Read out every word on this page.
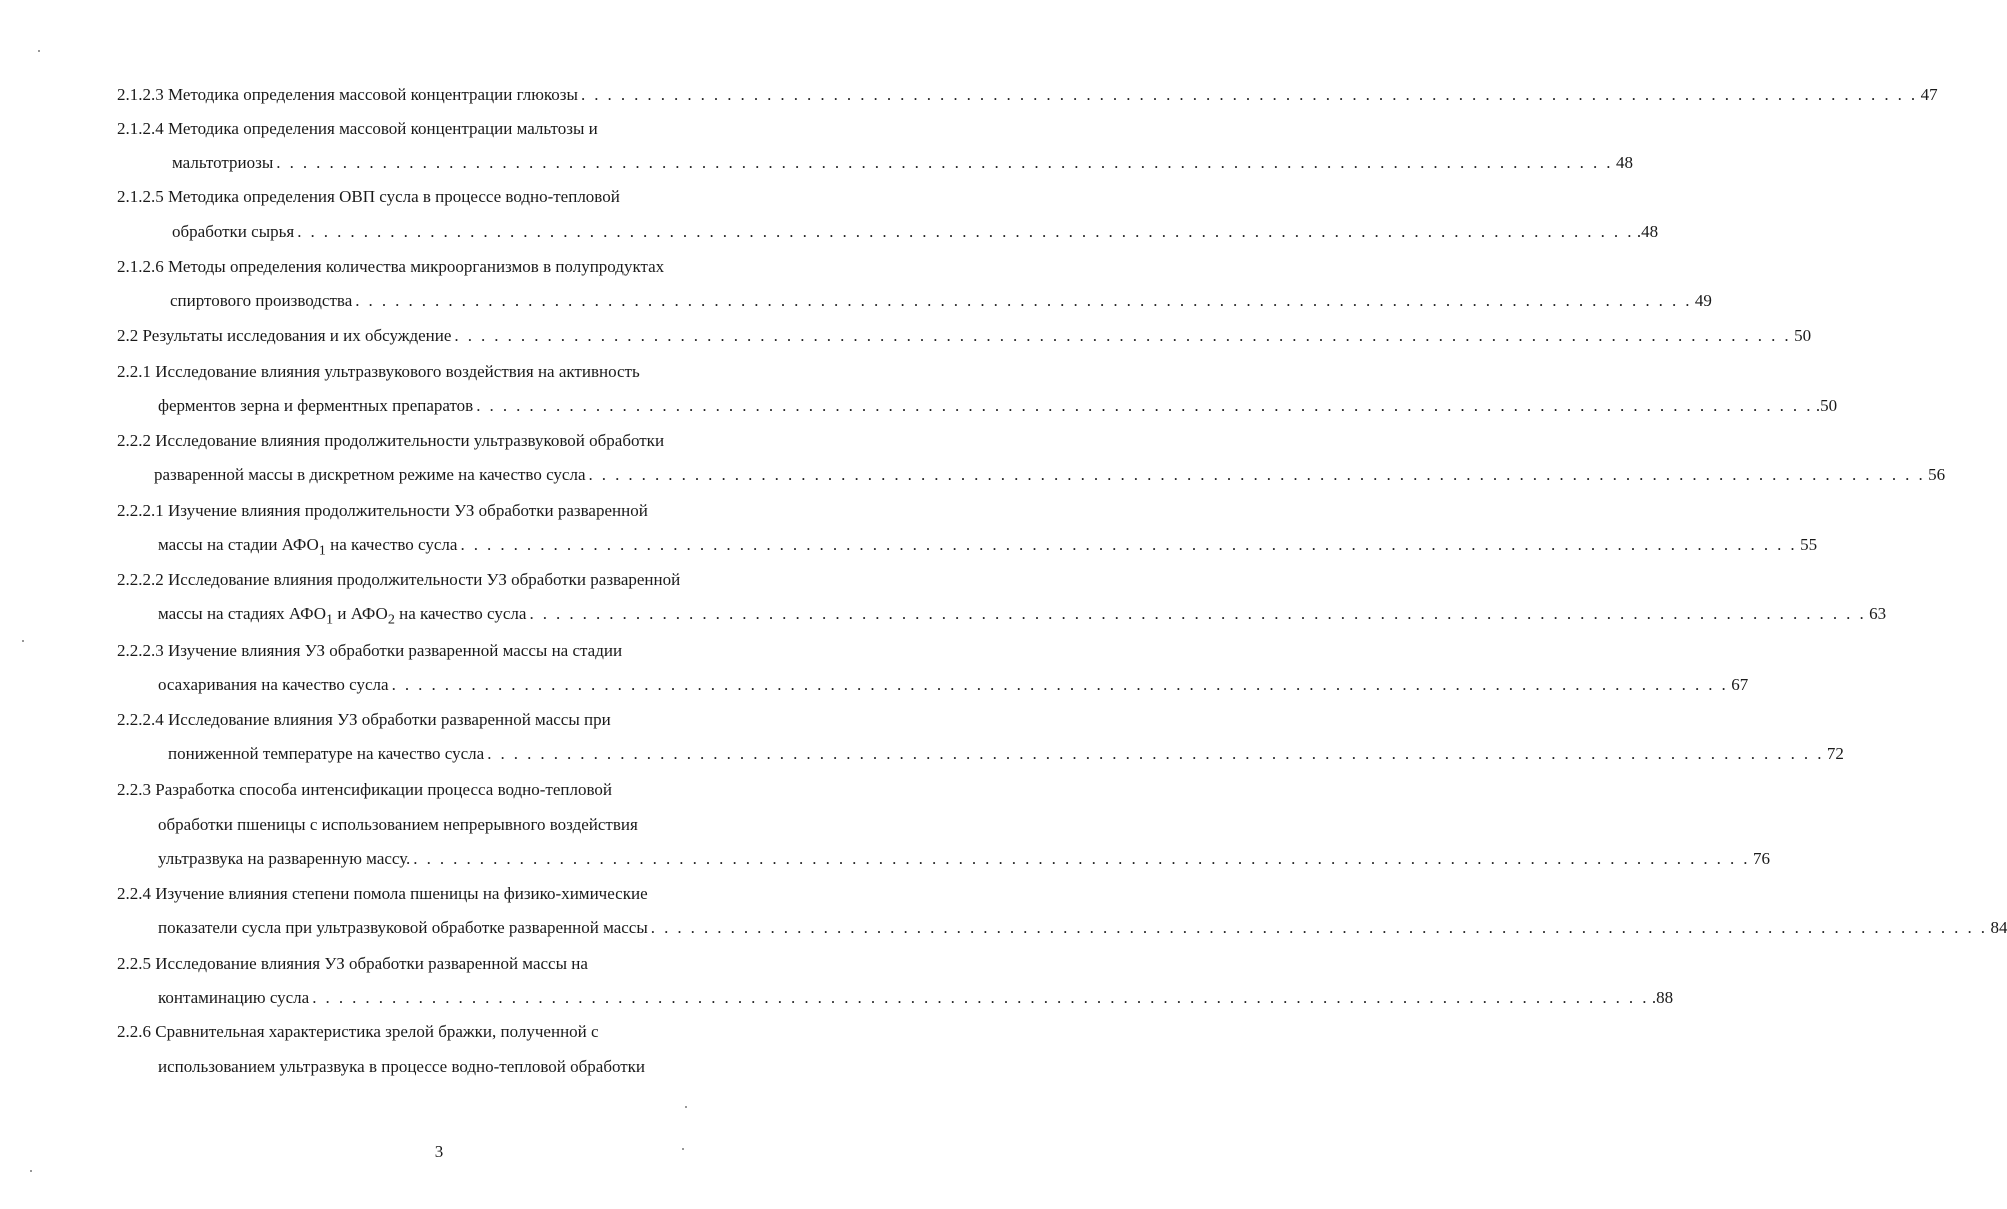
2.1.2.3 Методика определения массовой концентрации глюкозы . . . . . . . . . . . . . . . . . . . . . . . . . . . . . . . . . . . . . . . . . . . . . . . . . . . . . . . . . . . . . . . . . . . . . . . . . . . . . . . . . . . . . . . . . . . . . . . . . . . . . 47
2.1.2.4 Методика определения массовой концентрации мальтозы и
мальтотриозы . . . . . . . . . . . . . . . . . . . . . . . . . . . . . . . . . . . . . . . . . . . . . . . . . . . . . . . . . . . . . . . . . . . . . . . . . . . . . . . . . . . . . . . . . . . . . . . . . . . . . 48
2.1.2.5 Методика определения ОВП сусла в процессе водно-тепловой
обработки сырья . . . . . . . . . . . . . . . . . . . . . . . . . . . . . . . . . . . . . . . . . . . . . . . . . . . . . . . . . . . . . . . . . . . . . . . . . . . . . . . . . . . . . . . . . . . . . . . . . . . . . .48
2.1.2.6 Методы определения количества микроорганизмов в полупродуктах
спиртового производства . . . . . . . . . . . . . . . . . . . . . . . . . . . . . . . . . . . . . . . . . . . . . . . . . . . . . . . . . . . . . . . . . . . . . . . . . . . . . . . . . . . . . . . . . . . . . . . . . . . . . 49
2.2 Результаты исследования и их обсуждение . . . . . . . . . . . . . . . . . . . . . . . . . . . . . . . . . . . . . . . . . . . . . . . . . . . . . . . . . . . . . . . . . . . . . . . . . . . . . . . . . . . . . . . . . . . . . . . . . . . . . 50
2.2.1 Исследование влияния ультразвукового воздействия на активность
ферментов зерна и ферментных препаратов . . . . . . . . . . . . . . . . . . . . . . . . . . . . . . . . . . . . . . . . . . . . . . . . . . . . . . . . . . . . . . . . . . . . . . . . . . . . . . . . . . . . . . . . . . . . . . . . . . . . . .50
2.2.2 Исследование влияния продолжительности ультразвуковой обработки
разваренной массы в дискретном режиме на качество сусла . . . . . . . . . . . . . . . . . . . . . . . . . . . . . . . . . . . . . . . . . . . . . . . . . . . . . . . . . . . . . . . . . . . . . . . . . . . . . . . . . . . . . . . . . . . . . . . . . . . . . 56
2.2.2.1 Изучение влияния продолжительности УЗ обработки разваренной
массы на стадии $АФО_1$ на качество сусла . . . . . . . . . . . . . . . . . . . . . . . . . . . . . . . . . . . . . . . . . . . . . . . . . . . . . . . . . . . . . . . . . . . . . . . . . . . . . . . . . . . . . . . . . . . . . . . . . . . . . 55
2.2.2.2 Исследование влияния продолжительности УЗ обработки разваренной
массы на стадиях $АФО_1$ и $АФО_2$ на качество сусла . . . . . . . . . . . . . . . . . . . . . . . . . . . . . . . . . . . . . . . . . . . . . . . . . . . . . . . . . . . . . . . . . . . . . . . . . . . . . . . . . . . . . . . . . . . . . . . . . . . . . 63
2.2.2.3 Изучение влияния УЗ обработки разваренной массы на стадии
осахаривания на качество сусла . . . . . . . . . . . . . . . . . . . . . . . . . . . . . . . . . . . . . . . . . . . . . . . . . . . . . . . . . . . . . . . . . . . . . . . . . . . . . . . . . . . . . . . . . . . . . . . . . . . . . 67
2.2.2.4 Исследование влияния УЗ обработки разваренной массы при
пониженной температуре на качество сусла . . . . . . . . . . . . . . . . . . . . . . . . . . . . . . . . . . . . . . . . . . . . . . . . . . . . . . . . . . . . . . . . . . . . . . . . . . . . . . . . . . . . . . . . . . . . . . . . . . . . . 72
2.2.3 Разработка способа интенсификации процесса водно-тепловой
обработки пшеницы с использованием непрерывного воздействия
ультразвука на разваренную массу. . . . . . . . . . . . . . . . . . . . . . . . . . . . . . . . . . . . . . . . . . . . . . . . . . . . . . . . . . . . . . . . . . . . . . . . . . . . . . . . . . . . . . . . . . . . . . . . . . . . . . 76
2.2.4 Изучение влияния степени помола пшеницы на физико-химические
показатели сусла при ультразвуковой обработке разваренной массы . . . . . . . . . . . . . . . . . . . . . . . . . . . . . . . . . . . . . . . . . . . . . . . . . . . . . . . . . . . . . . . . . . . . . . . . . . . . . . . . . . . . . . . . . . . . . . . . . . . . . 84
2.2.5 Исследование влияния УЗ обработки разваренной массы на
контаминацию сусла . . . . . . . . . . . . . . . . . . . . . . . . . . . . . . . . . . . . . . . . . . . . . . . . . . . . . . . . . . . . . . . . . . . . . . . . . . . . . . . . . . . . . . . . . . . . . . . . . . . . . .88
2.2.6 Сравнительная характеристика зрелой бражки, полученной с
использованием ультразвука в процессе водно-тепловой обработки
3
